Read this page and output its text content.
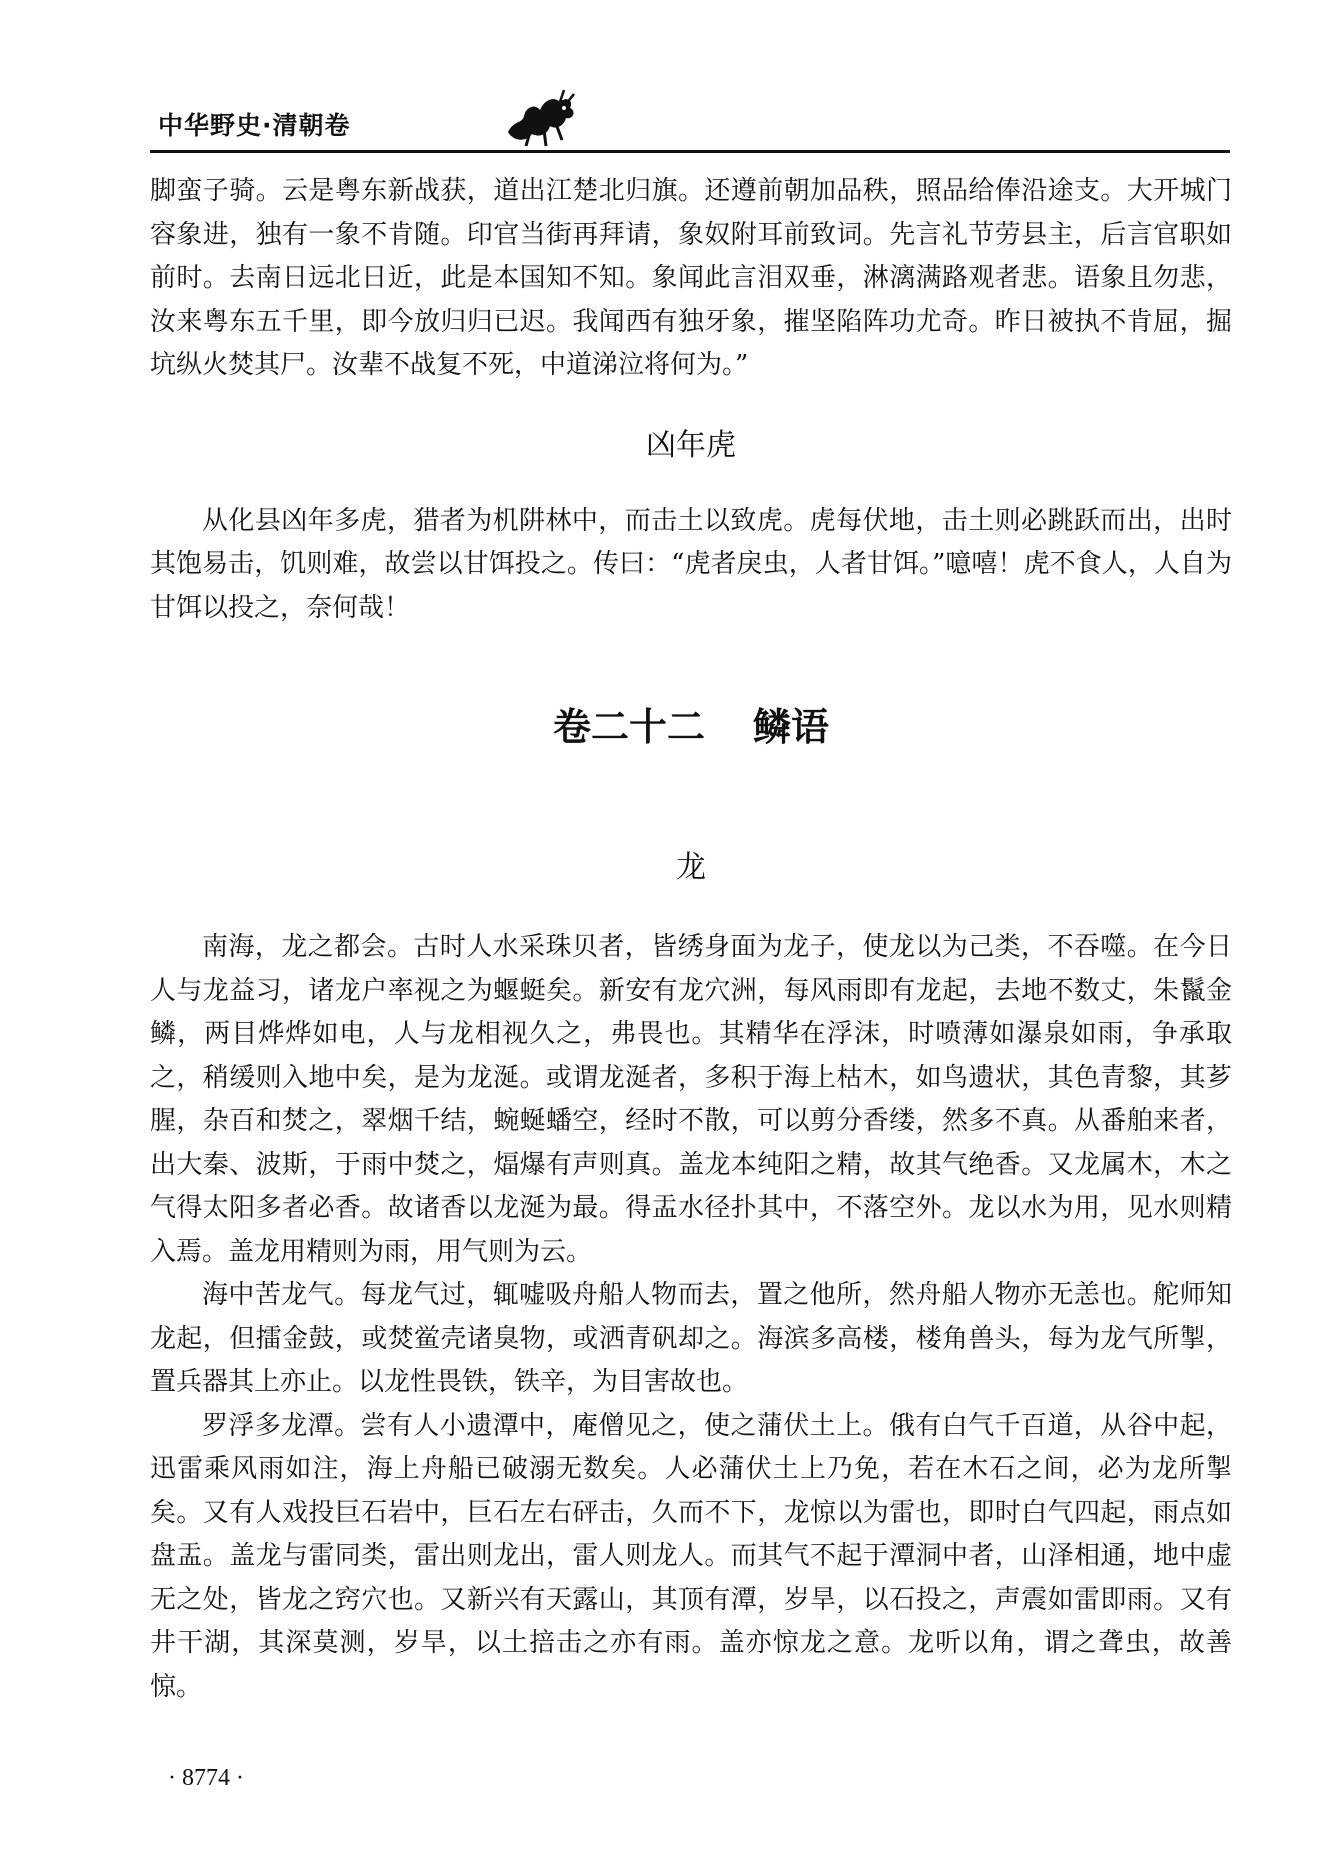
中华野史·清朝卷

脚蛮子骑。云是粤东新战获，道出江楚北归旗。还遵前朝加品秩，照品给俸沿途支。大开城门容象进，独有一象不肯随。印官当街再拜请，象奴附耳前致词。先言礼节劳县主，后言官职如前时。去南日远北日近，此是本国知不知。象闻此言泪双垂，淋漓满路观者悲。语象且勿悲，汝来粤东五千里，即今放归归已迟。我闻西有独牙象，摧坚陷阵功尤奇。昨日被执不肯屈，掘坑纵火焚其尸。汝辈不战复不死，中道涕泣将何为。”

凶年虎

从化县凶年多虎，猎者为机阱林中，而击土以致虎。虎每伏地，击土则必跳跃而出，出时其饱易击，饥则难，故尝以甘饵投之。传曰：“虎者戾虫，人者甘饵。”噫嘻！虎不食人，人自为甘饵以投之，奈何哉！

卷二十二 鳞语
龙

南海，龙之都会。古时人水采珠贝者，皆绣身面为龙子，使龙以为己类，不吞噬。在今日人与龙益习，诸龙户率视之为蝘蜓矣。新安有龙穴洲，每风雨即有龙起，去地不数丈，朱鬣金鳞，两目烨烨如电，人与龙相视久之，弗畏也。其精华在浮沫，时喷薄如瀑泉如雨，争承取之，稍缓则入地中矣，是为龙涎。或谓龙涎者，多积于海上枯木，如鸟遗状，其色青黎，其芗腥，杂百和焚之，翠烟千结，蜿蜒蟠空，经时不散，可以剪分香缕，然多不真。从番舶来者，出大秦、波斯，于雨中焚之，煏爆有声则真。盖龙本纯阳之精，故其气绝香。又龙属木，木之气得太阳多者必香。故诸香以龙涎为最。得盂水径扑其中，不落空外。龙以水为用，见水则精入焉。盖龙用精则为雨，用气则为云。

海中苦龙气。每龙气过，辄嘘吸舟船人物而去，置之他所，然舟船人物亦无恙也。舵师知龙起，但擂金鼓，或焚鲎壳诸臭物，或洒青矾却之。海滨多高楼，楼角兽头，每为龙气所掣，置兵器其上亦止。以龙性畏铁，铁辛，为目害故也。

罗浮多龙潭。尝有人小遗潭中，庵僧见之，使之蒲伏土上。俄有白气千百道，从谷中起，迅雷乘风雨如注，海上舟船已破溺无数矣。人必蒲伏土上乃免，若在木石之间，必为龙所掣矣。又有人戏投巨石岩中，巨石左右砰击，久而不下，龙惊以为雷也，即时白气四起，雨点如盘盂。盖龙与雷同类，雷出则龙出，雷人则龙人。而其气不起于潭洞中者，山泽相通，地中虚无之处，皆龙之窍穴也。又新兴有天露山，其顶有潭，岁旱，以石投之，声震如雷即雨。又有井干湖，其深莫测，岁旱，以土掊击之亦有雨。盖亦惊龙之意。龙听以角，谓之聋虫，故善惊。

· 8774 ·
